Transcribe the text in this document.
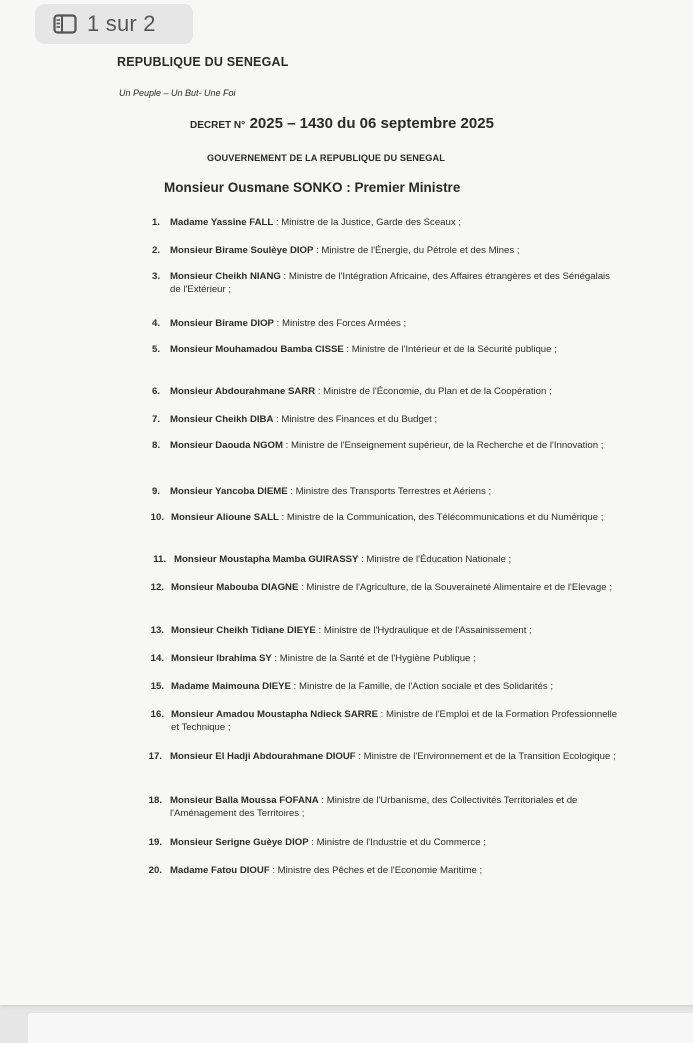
1 sur 2
REPUBLIQUE DU SENEGAL
Un Peuple – Un But- Une Foi
DECRET N° 2025 – 1430 du 06 septembre 2025
GOUVERNEMENT DE LA REPUBLIQUE DU SENEGAL
Monsieur Ousmane SONKO : Premier Ministre
1. Madame Yassine FALL : Ministre de la Justice, Garde des Sceaux ;
2. Monsieur Birame Soulèye DIOP : Ministre de l'Énergie, du Pétrole et des Mines ;
3. Monsieur Cheikh NIANG : Ministre de l'Intégration Africaine, des Affaires étrangères et des Sénégalais de l'Extérieur ;
4. Monsieur Birame DIOP : Ministre des Forces Armées ;
5. Monsieur Mouhamadou Bamba CISSE : Ministre de l'Intérieur et de la Sécurité publique ;
6. Monsieur Abdourahmane SARR : Ministre de l'Économie, du Plan et de la Coopération ;
7. Monsieur Cheikh DIBA : Ministre des Finances et du Budget ;
8. Monsieur Daouda NGOM : Ministre de l'Enseignement supérieur, de la Recherche et de l'Innovation ;
9. Monsieur Yancoba DIEME : Ministre des Transports Terrestres et Aériens ;
10. Monsieur Alioune SALL : Ministre de la Communication, des Télécommunications et du Numérique ;
11. Monsieur Moustapha Mamba GUIRASSY : Ministre de l'Éducation Nationale ;
12. Monsieur Mabouba DIAGNE : Ministre de l'Agriculture, de la Souveraineté Alimentaire et de l'Elevage ;
13. Monsieur Cheikh Tidiane DIEYE : Ministre de l'Hydraulique et de l'Assainissement ;
14. Monsieur Ibrahima SY : Ministre de la Santé et de l'Hygiène Publique ;
15. Madame Maimouna DIEYE : Ministre de la Famille, de l'Action sociale et des Solidarités ;
16. Monsieur Amadou Moustapha Ndieck SARRE : Ministre de l'Emploi et de la Formation Professionnelle et Technique ;
17. Monsieur El Hadji Abdourahmane DIOUF : Ministre de l'Environnement et de la Transition Ecologique ;
18. Monsieur Balla Moussa FOFANA : Ministre de l'Urbanisme, des Collectivités Territoriales et de l'Aménagement des Territoires ;
19. Monsieur Serigne Guèye DIOP : Ministre de l'Industrie et du Commerce ;
20. Madame Fatou DIOUF : Ministre des Pêches et de l'Economie Maritime ;
